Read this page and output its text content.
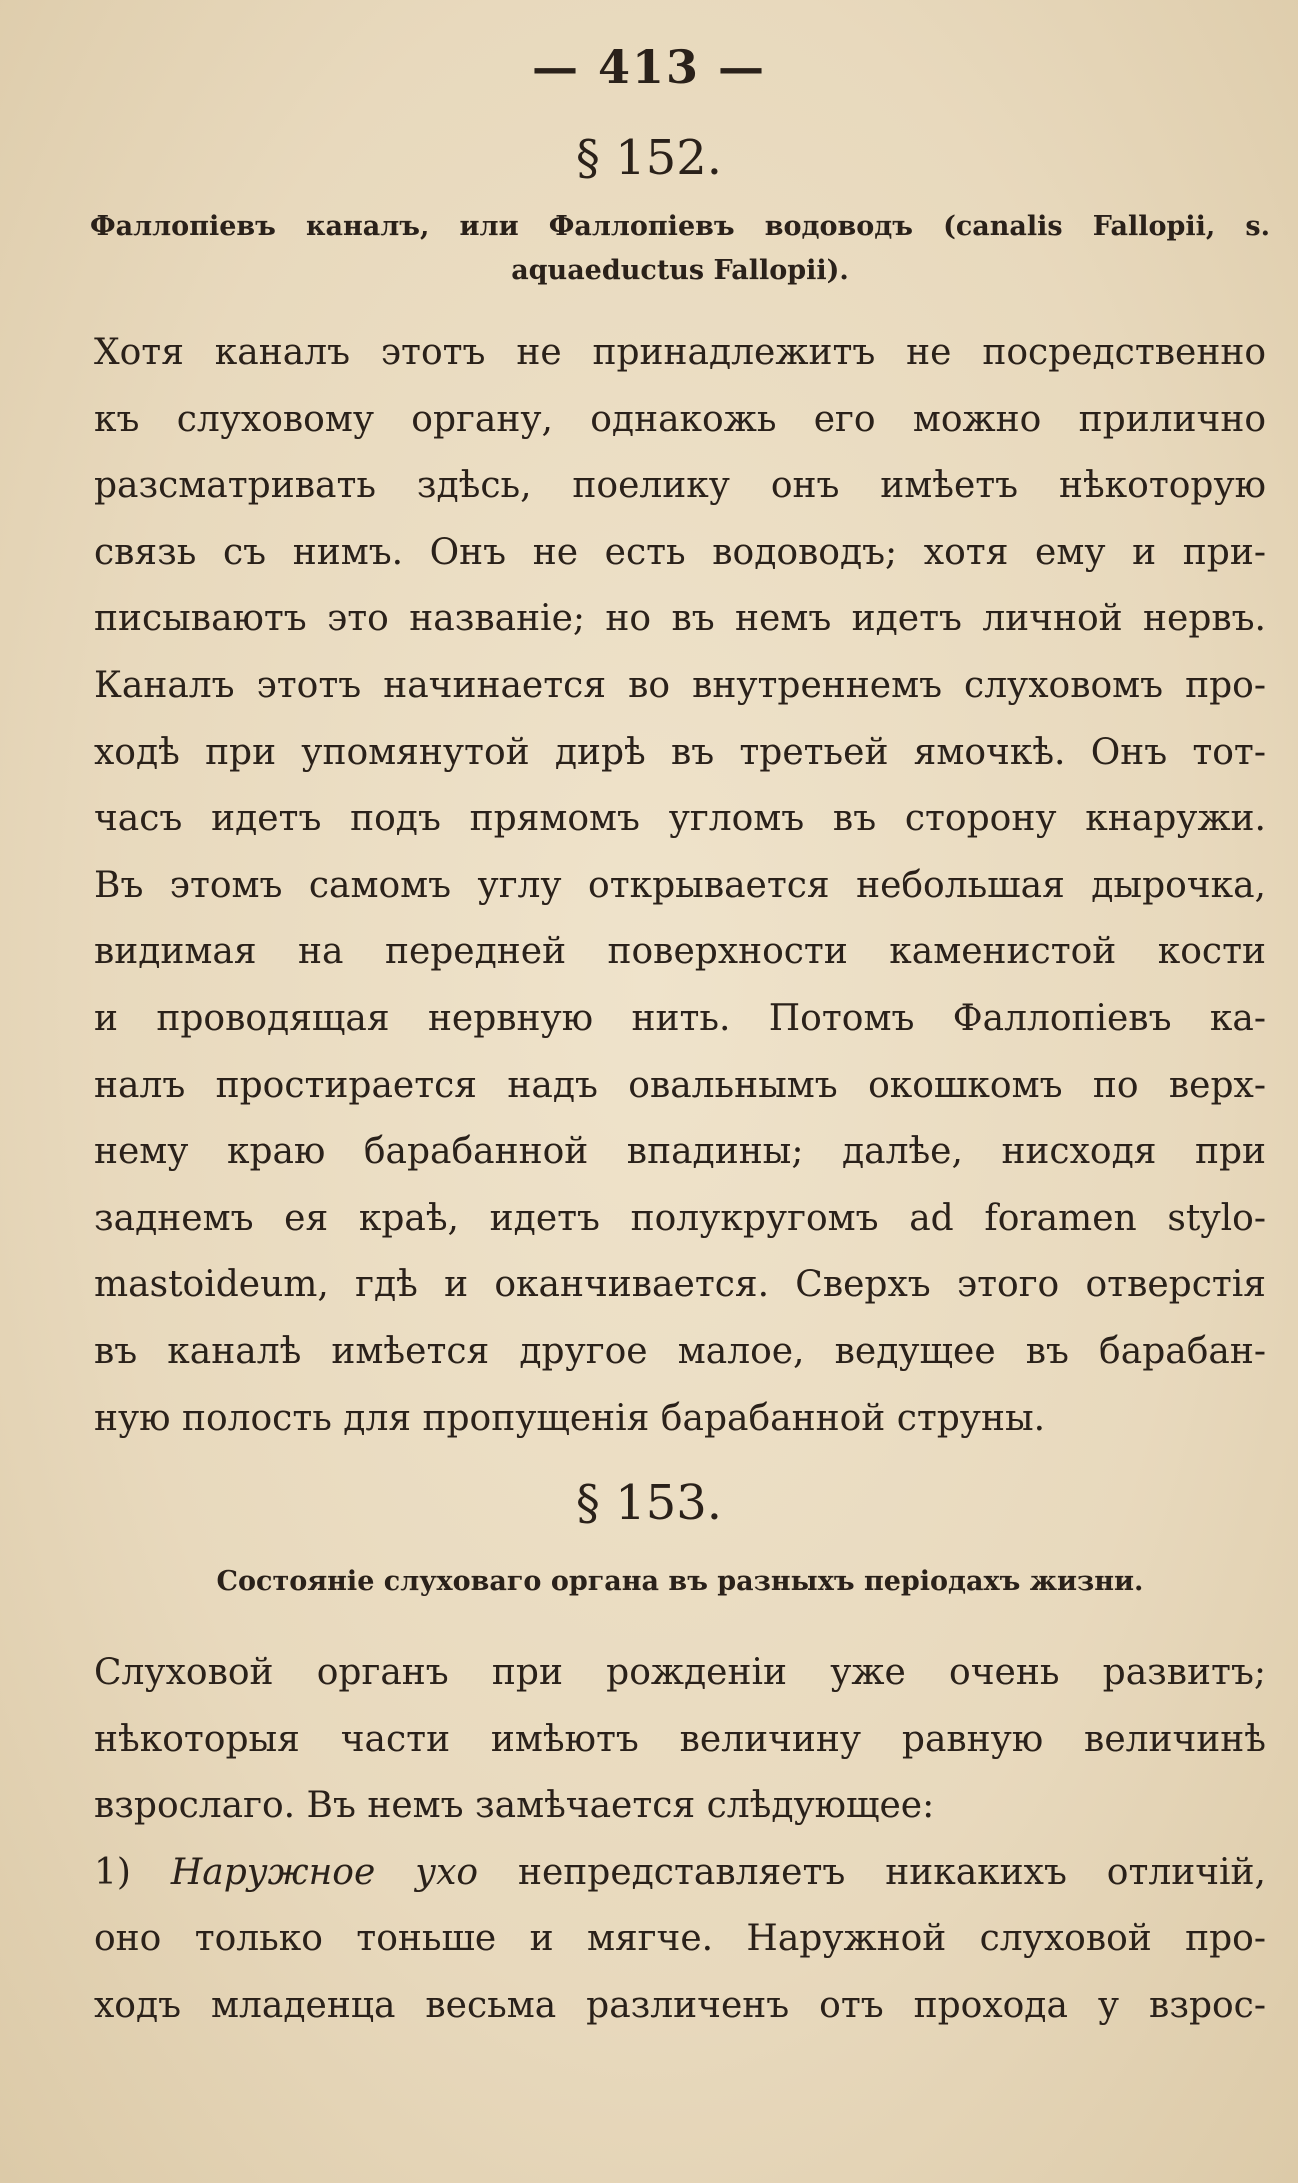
— 413 —
§ 152.
Фаллопіевъ каналъ, или Фаллопіевъ водоводъ (canalis Fallopii, s.
aquaeductus Fallopii).
Хотя каналъ этотъ не принадлежитъ не посредственно
къ слуховому органу, однакожь его можно прилично
разсматривать здѣсь, поелику онъ имѣетъ нѣкоторую
связь съ нимъ. Онъ не есть водоводъ; хотя ему и при-
писываютъ это названіе; но въ немъ идетъ личной нервъ.
Каналъ этотъ начинается во внутреннемъ слуховомъ про-
ходѣ при упомянутой дирѣ въ третьей ямочкѣ. Онъ тот-
часъ идетъ подъ прямомъ угломъ въ сторону кнаружи.
Въ этомъ самомъ углу открывается небольшая дырочка,
видимая на передней поверхности каменистой кости
и проводящая нервную нить. Потомъ Фаллопіевъ ка-
налъ простирается надъ овальнымъ окошкомъ по верх-
нему краю барабанной впадины; далѣе, нисходя при
заднемъ ея краѣ, идетъ полукругомъ ad foramen stylo-
mastoideum, гдѣ и оканчивается. Сверхъ этого отверстія
въ каналѣ имѣется другое малое, ведущее въ барабан-
ную полость для пропущенія барабанной струны.
§ 153.
Состояніе слуховаго органа въ разныхъ періодахъ жизни.
Слуховой органъ при рожденіи уже очень развитъ;
нѣкоторыя части имѣютъ величину равную величинѣ
взрослаго. Въ немъ замѣчается слѣдующее:
1) Наружное ухо непредставляетъ никакихъ отличій,
оно только тоньше и мягче. Наружной слуховой про-
ходъ младенца весьма различенъ отъ прохода у взрос-
